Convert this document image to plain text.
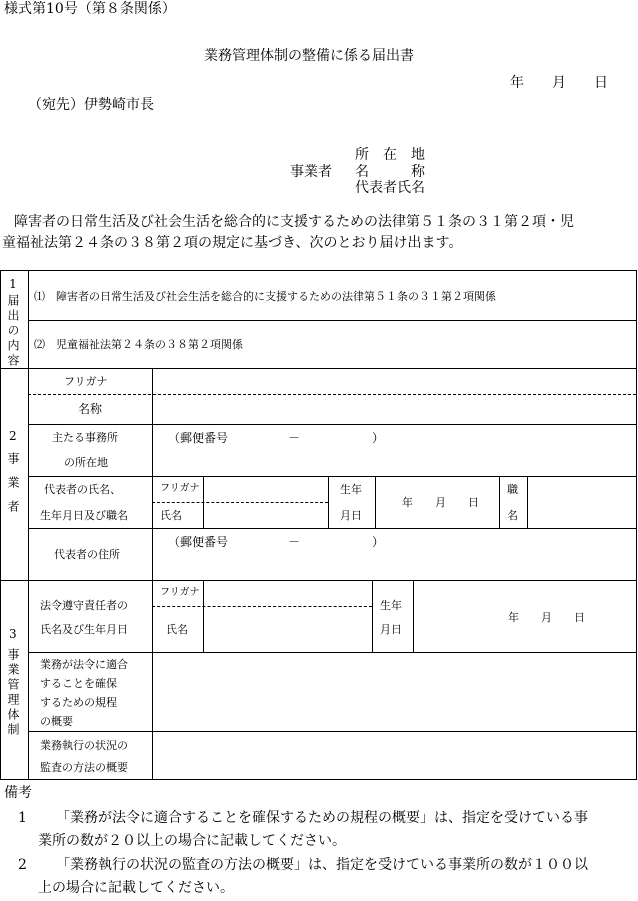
様式第10号（第８条関係）
業務管理体制の整備に係る届出書
年　　月　　日
（宛先）伊勢崎市長
所　在　地
事業者 名　　　称
代表者氏名
障害者の日常生活及び社会生活を総合的に支援するための法律第５１条の３１第２項・児
童福祉法第２４条の３８第２項の規定に基づき、次のとおり届け出ます。
1届出の内容 ⑴　障害者の日常生活及び社会生活を総合的に支援するための法律第５１条の３１第２項関係
⑵　児童福祉法第２４条の３８第２項関係
2
事業者
フリガナ
名称
主たる事務所
の所在地
（郵便番号　　　　　－　　　　　　）
代表者の氏名、
生年月日及び職名
フリガナ
氏名
生年
月日
年　　月　　日
職
名
代表者の住所
（郵便番号　　　　　－　　　　　　）
3
事業管理体制
法令遵守責任者の
氏名及び生年月日
フリガナ
氏名
生年
月日
年　　月　　日
業務が法令に適合
することを確保
するための規程
の概要
業務執行の状況の
監査の方法の概要
備考
1 「業務が法令に適合することを確保するための規程の概要」は、指定を受けている事
業所の数が２０以上の場合に記載してください。
2 「業務執行の状況の監査の方法の概要」は、指定を受けている事業所の数が１００以
上の場合に記載してください。
